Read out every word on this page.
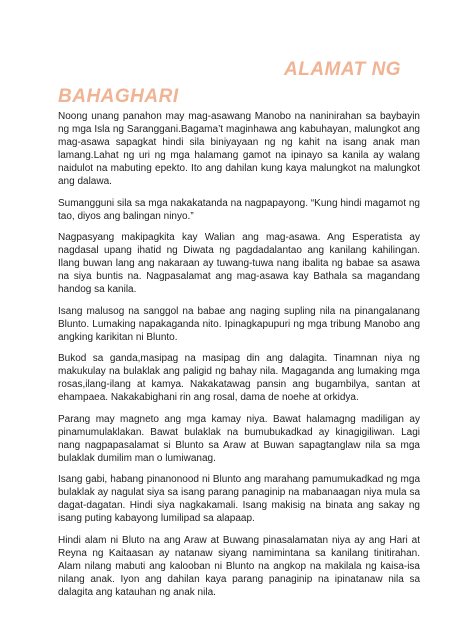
ALAMAT NG BAHAGHARI

Noong unang panahon may mag-asawang Manobo na naninirahan sa baybayin ng mga Isla ng Saranggani.Bagama’t maginhawa ang kabuhayan, malungkot ang mag-asawa sapagkat hindi sila biniyayaan ng ng kahit na isang anak man lamang.Lahat ng uri ng mga halamang gamot na ipinayo sa kanila ay walang naidulot na mabuting epekto. Ito ang dahilan kung kaya malungkot na malungkot ang dalawa.

Sumangguni sila sa mga nakakatanda na nagpapayong. “Kung hindi magamot ng tao, diyos ang balingan ninyo.”

Nagpasyang makipagkita kay Walian ang mag-asawa. Ang Esperatista ay nagdasal upang ihatid ng Diwata ng pagdadalantao ang kanilang kahilingan. Ilang buwan lang ang nakaraan ay tuwang-tuwa nang ibalita ng babae sa asawa na siya buntis na. Nagpasalamat ang mag-asawa kay Bathala sa magandang handog sa kanila.

Isang malusog na sanggol na babae ang naging supling nila na pinangalanang Blunto. Lumaking napakaganda nito. Ipinagkapupuri ng mga tribung Manobo ang angking karikitan ni Blunto.

Bukod sa ganda,masipag na masipag din ang dalagita. Tinamnan niya ng makukulay na bulaklak ang paligid ng bahay nila. Magaganda ang lumaking mga rosas,ilang-ilang at kamya. Nakakatawag pansin ang bugambilya, santan at ehampaea. Nakakabighani rin ang rosal, dama de noehe at orkidya.

Parang may magneto ang mga kamay niya. Bawat halamagng madiligan ay pinamumulaklakan. Bawat bulaklak na bumubukadkad ay kinagigiliwan. Lagi nang nagpapasalamat si Blunto sa Araw at Buwan sapagtanglaw nila sa mga bulaklak dumilim man o lumiwanag.

Isang gabi, habang pinanonood ni Blunto ang marahang pamumukadkad ng mga bulaklak ay nagulat siya sa isang parang panaginip na mabanaagan niya mula sa dagat-dagatan. Hindi siya nagkakamali. Isang makisig na binata ang sakay ng isang puting kabayong lumilipad sa alapaap.

Hindi alam ni Bluto na ang Araw at Buwang pinasalamatan niya ay ang Hari at Reyna ng Kaitaasan ay natanaw siyang namimintana sa kanilang tinitirahan. Alam nilang mabuti ang kalooban ni Blunto na angkop na makilala ng kaisa-isa nilang anak. Iyon ang dahilan kaya parang panaginip na ipinatanaw nila sa dalagita ang katauhan ng anak nila.
